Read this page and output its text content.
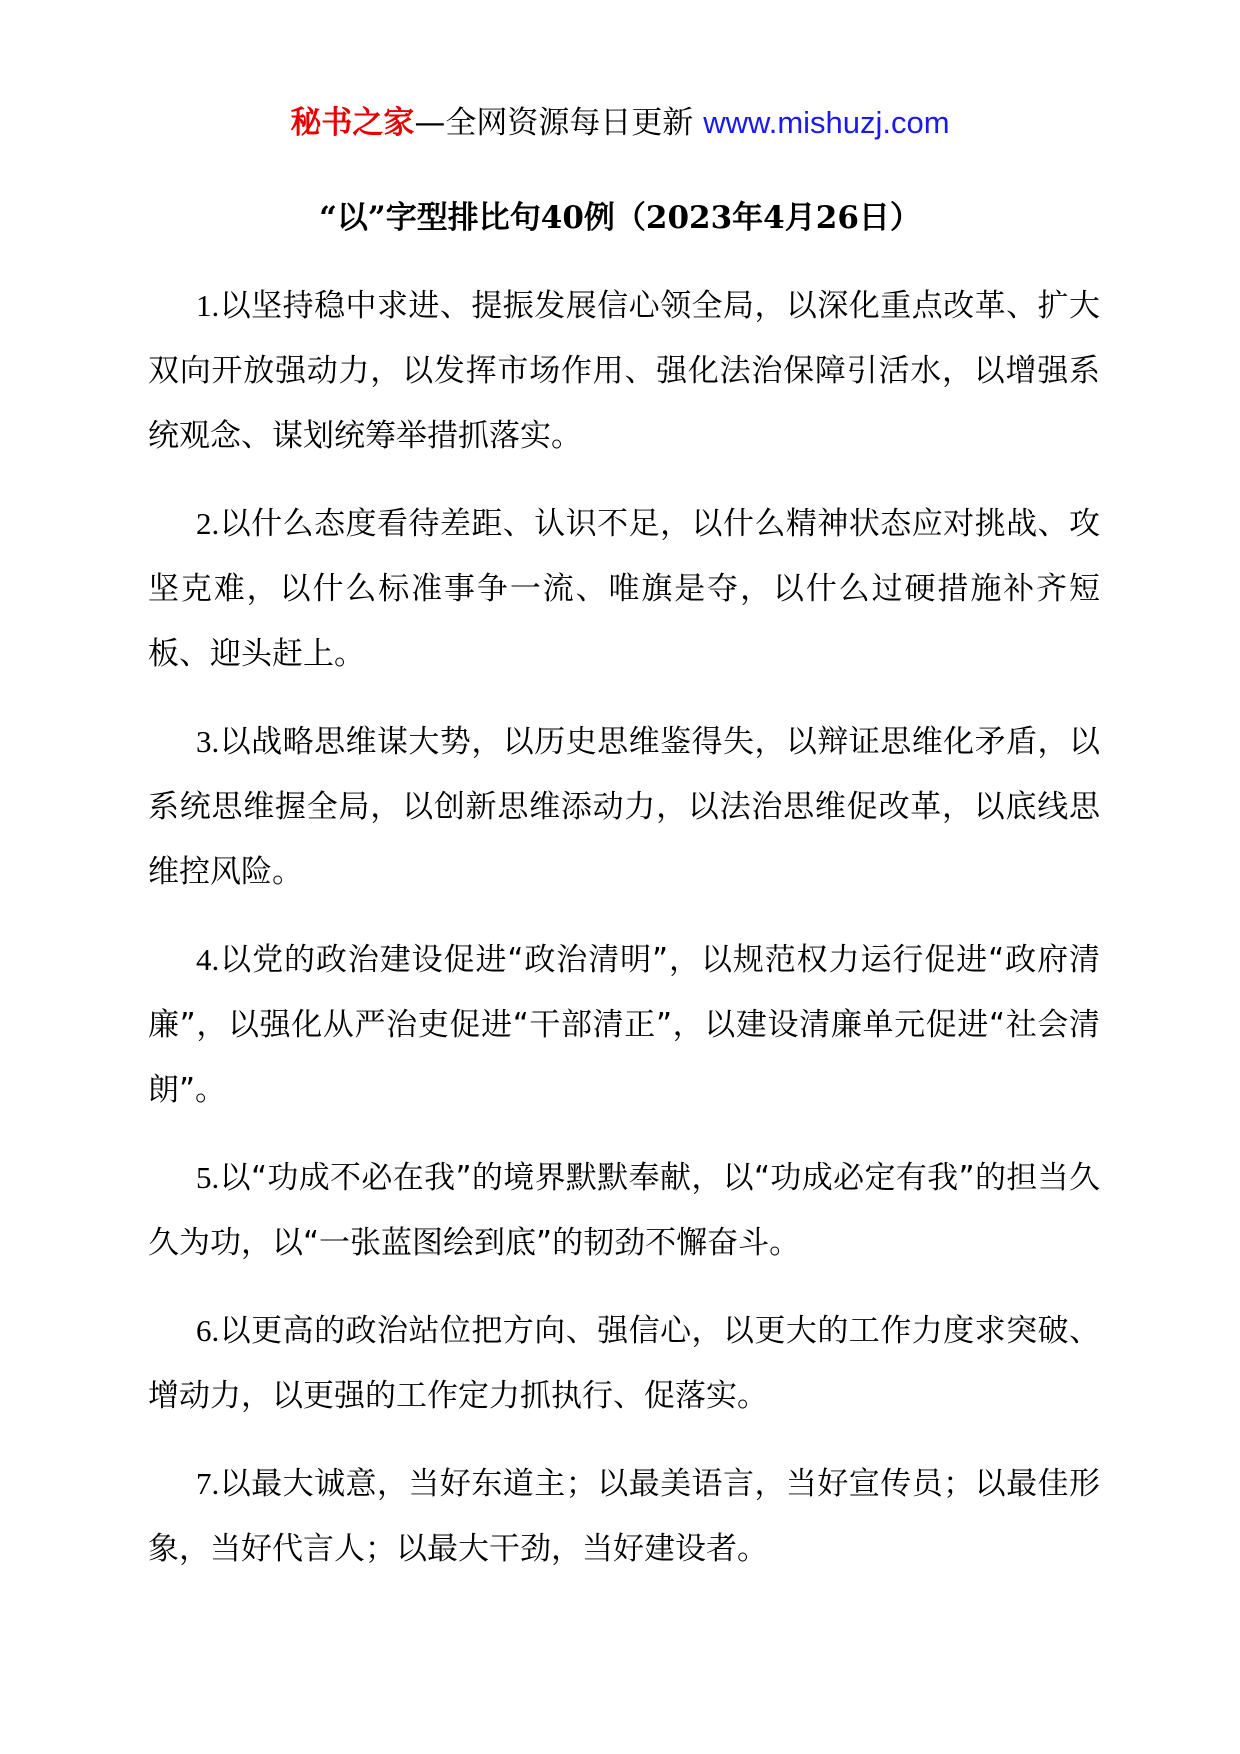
秘书之家—全网资源每日更新 www.mishuzj.com
“以”字型排比句40例（2023年4月26日）

1.以坚持稳中求进、提振发展信心领全局，以深化重点改革、扩大双向开放强动力，以发挥市场作用、强化法治保障引活水，以增强系统观念、谋划统筹举措抓落实。

2.以什么态度看待差距、认识不足，以什么精神状态应对挑战、攻坚克难，以什么标准事争一流、唯旗是夺，以什么过硬措施补齐短板、迎头赶上。

3.以战略思维谋大势，以历史思维鉴得失，以辩证思维化矛盾，以系统思维握全局，以创新思维添动力，以法治思维促改革，以底线思维控风险。

4.以党的政治建设促进“政治清明”，以规范权力运行促进“政府清廉”，以强化从严治吏促进“干部清正”，以建设清廉单元促进“社会清朗”。

5.以“功成不必在我”的境界默默奉献，以“功成必定有我”的担当久久为功，以“一张蓝图绘到底”的韧劲不懈奋斗。

6.以更高的政治站位把方向、强信心，以更大的工作力度求突破、增动力，以更强的工作定力抓执行、促落实。

7.以最大诚意，当好东道主；以最美语言，当好宣传员；以最佳形象，当好代言人；以最大干劲，当好建设者。
